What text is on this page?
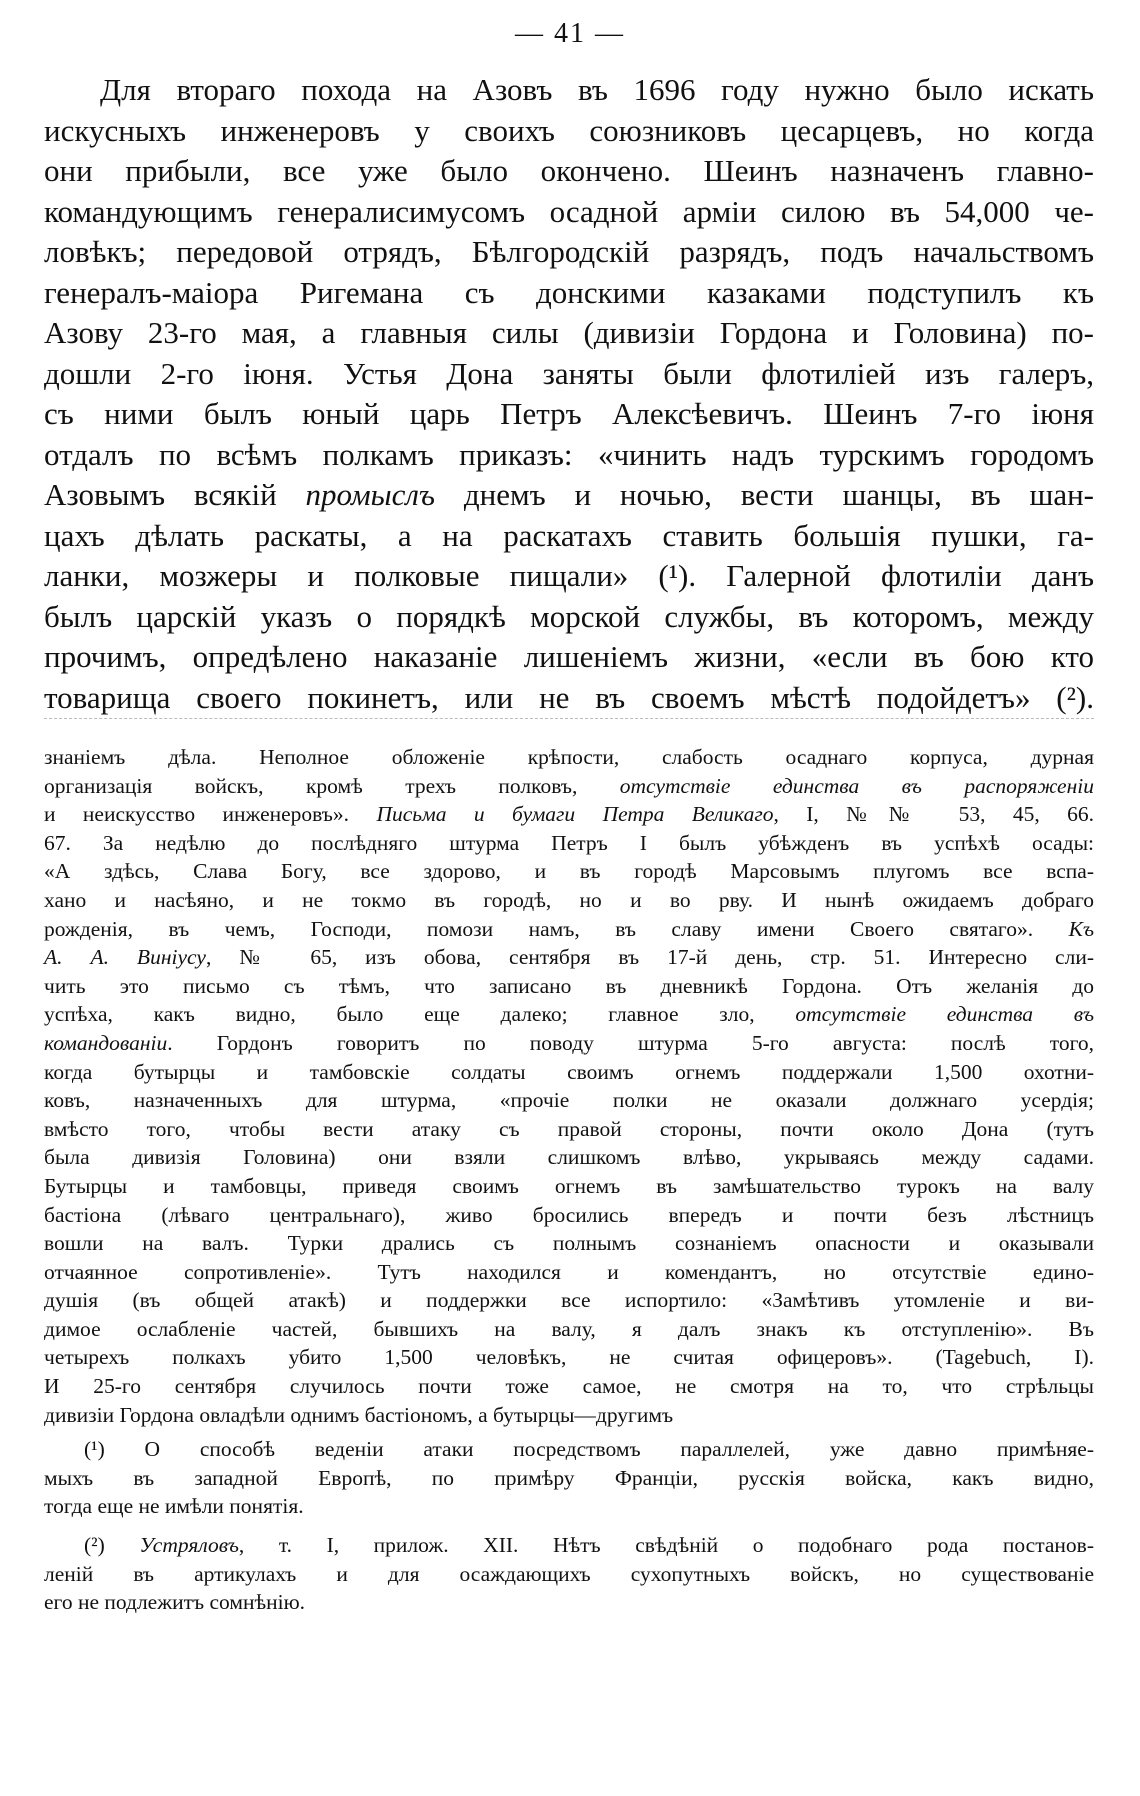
— 41 —
Для втораго похода на Азовъ въ 1696 году нужно было искать
искусныхъ инженеровъ у своихъ союзниковъ цесарцевъ, но когда
они прибыли, все уже было окончено. Шеинъ назначенъ главно-
командующимъ генералисимусомъ осадной арміи силою въ 54,000 че-
ловѣкъ; передовой отрядъ, Бѣлгородскій разрядъ, подъ начальствомъ
генералъ-маіора Ригемана съ донскими казаками подступилъ къ
Азову 23-го мая, а главныя силы (дивизіи Гордона и Головина) по-
дошли 2-го іюня. Устья Дона заняты были флотиліей изъ галеръ,
съ ними былъ юный царь Петръ Алексѣевичъ. Шеинъ 7-го іюня
отдалъ по всѣмъ полкамъ приказъ: «чинить надъ турскимъ городомъ
Азовымъ всякій промыслъ днемъ и ночью, вести шанцы, въ шан-
цахъ дѣлать раскаты, а на раскатахъ ставить большія пушки, га-
ланки, мозжеры и полковые пищали» (¹). Галерной флотиліи данъ
былъ царскій указъ о порядкѣ морской службы, въ которомъ, между
прочимъ, опредѣлено наказаніе лишеніемъ жизни, «если въ бою кто
товарища своего покинетъ, или не въ своемъ мѣстѣ подойдетъ» (²).
знаніемъ дѣла. Неполное обложеніе крѣпости, слабость осаднаго корпуса, дурная
организація войскъ, кромѣ трехъ полковъ, отсутствіе единства въ распоряженіи
и неискусство инженеровъ». Письма и бумаги Петра Великаго, I, №№ 53, 45, 66.
67. За недѣлю до послѣдняго штурма Петръ I былъ убѣжденъ въ успѣхѣ осады:
«А здѣсь, Слава Богу, все здорово, и въ городѣ Марсовымъ плугомъ все вспа-
хано и насѣяно, и не токмо въ городѣ, но и во рву. И нынѣ ожидаемъ добраго
рожденія, въ чемъ, Господи, помози намъ, въ славу имени Своего святаго». Къ
А. А. Виніусу, № 65, изъ обова, сентября въ 17-й день, стр. 51. Интересно сли-
чить это письмо съ тѣмъ, что записано въ дневникѣ Гордона. Отъ желанія до
успѣха, какъ видно, было еще далеко; главное зло, отсутствіе единства въ
командованіи. Гордонъ говоритъ по поводу штурма 5-го августа: послѣ того,
когда бутырцы и тамбовскіе солдаты своимъ огнемъ поддержали 1,500 охотни-
ковъ, назначенныхъ для штурма, «прочіе полки не оказали должнаго усердія;
вмѣсто того, чтобы вести атаку съ правой стороны, почти около Дона (тутъ
была дивизія Головина) они взяли слишкомъ влѣво, укрываясь между садами.
Бутырцы и тамбовцы, приведя своимъ огнемъ въ замѣшательство турокъ на валу
бастіона (лѣваго центральнаго), живо бросились впередъ и почти безъ лѣстницъ
вошли на валъ. Турки дрались съ полнымъ сознаніемъ опасности и оказывали
отчаянное сопротивленіе». Тутъ находился и комендантъ, но отсутствіе едино-
душія (въ общей атакѣ) и поддержки все испортило: «Замѣтивъ утомленіе и ви-
димое ослабленіе частей, бывшихъ на валу, я далъ знакъ къ отступленію». Въ
четырехъ полкахъ убито 1,500 человѣкъ, не считая офицеровъ». (Tagebuch, I).
И 25-го сентября случилось почти тоже самое, не смотря на то, что стрѣльцы
дивизіи Гордона овладѣли однимъ бастіономъ, а бутырцы—другимъ
(¹) О способѣ веденіи атаки посредствомъ параллелей, уже давно примѣняе-
мыхъ въ западной Европѣ, по примѣру Франціи, русскія войска, какъ видно,
тогда еще не имѣли понятія.
(²) Устряловъ, т. I, прилож. XII. Нѣтъ свѣдѣній о подобнаго рода постанов-
леній въ артикулахъ и для осаждающихъ сухопутныхъ войскъ, но существованіе
его не подлежитъ сомнѣнію.
